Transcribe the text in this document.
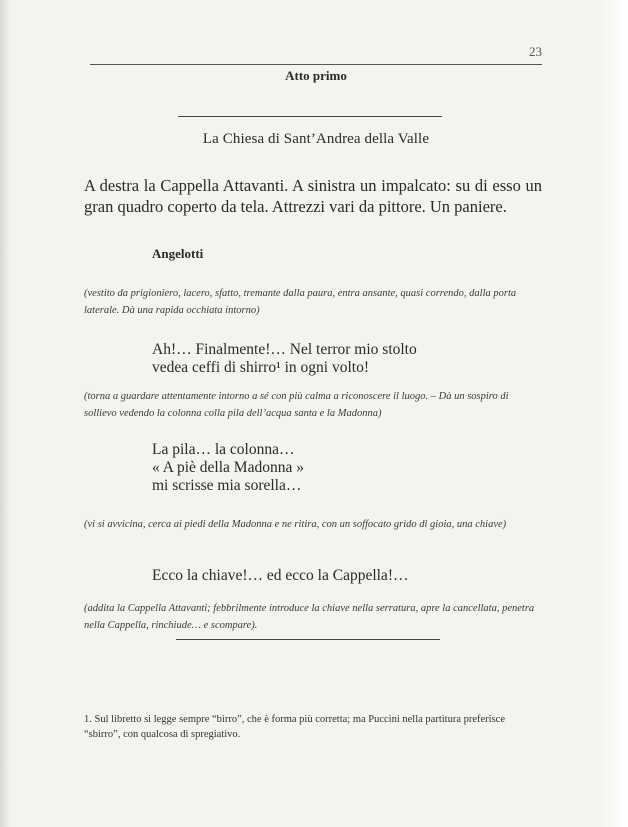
23
Atto primo
La Chiesa di Sant’Andrea della Valle
A destra la Cappella Attavanti. A sinistra un impalcato: su di esso un gran quadro coperto da tela. Attrezzi vari da pittore. Un paniere.
Angelotti
(vestito da prigioniero, lacero, sfatto, tremante dalla paura, entra ansante, quasi correndo, dalla porta laterale. Dà una rapida occhiata intorno)
Ah!… Finalmente!… Nel terror mio stolto
vedea ceffi di shirro¹ in ogni volto!
(torna a guardare attentamente intorno a sé con più calma a riconoscere il luogo. – Dà un sospiro di sollievo vedendo la colonna colla pila dell’acqua santa e la Madonna)
La pila… la colonna…
« A piè della Madonna »
mi scrisse mia sorella…
(vi si avvicina, cerca ai piedi della Madonna e ne ritira, con un soffocato grido di gioia, una chiave)
Ecco la chiave!… ed ecco la Cappella!…
(addita la Cappella Attavanti; febbrilmente introduce la chiave nella serratura, apre la cancellata, penetra nella Cappella, rinchiude… e scompare).
1. Sul libretto si legge sempre “birro”, che è forma più corretta; ma Puccini nella partitura preferisce “sbirro”, con qualcosa di spregiativo.
